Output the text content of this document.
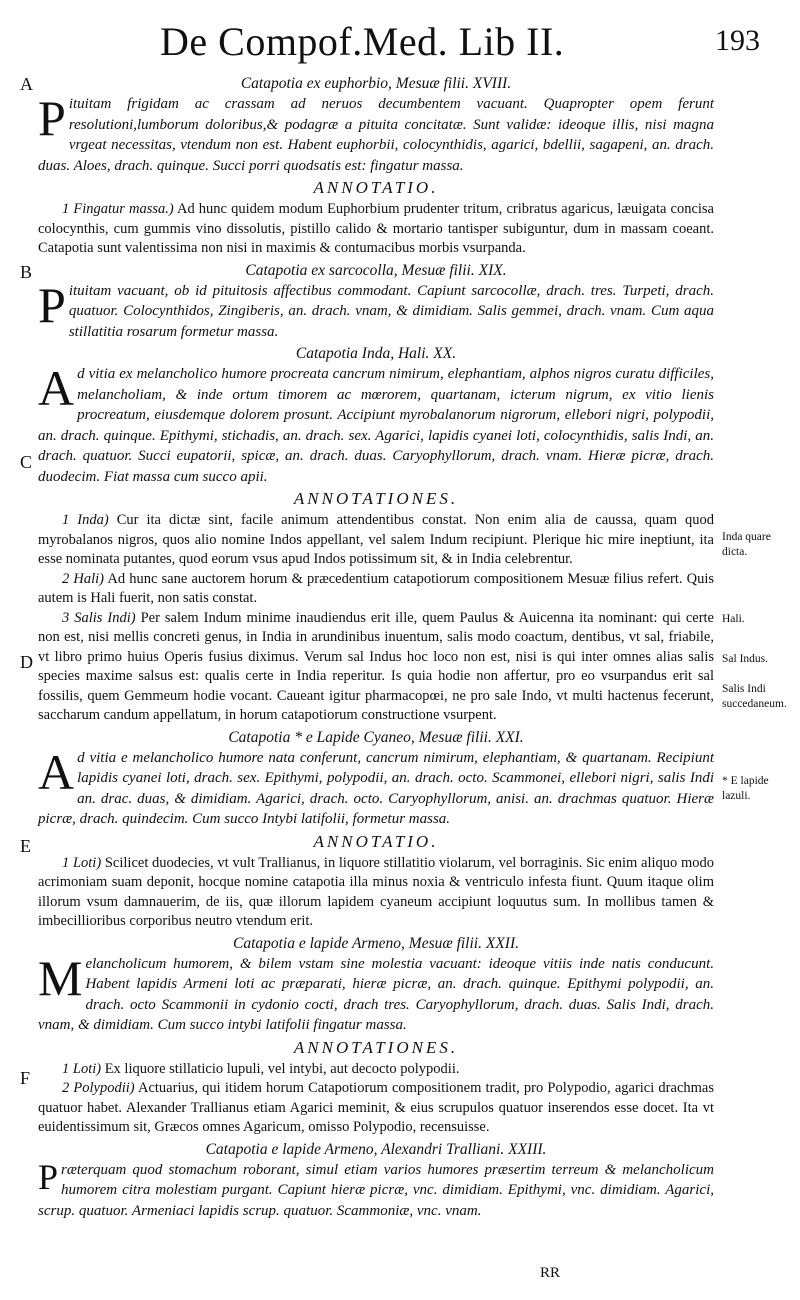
De Compof.Med. Lib II.	193
A
B
C
D
E
F
Catapotia ex euphorbio, Mesuæ filii. XVIII.

Pituitam frigidam ac crassam ad neruos decumbentem vacuant. Quapropter opem ferunt resolutioni,lumborum doloribus,& podagræ a pituita concitatæ. Sunt validæ: ideoque illis, nisi magna vrgeat necessitas, vtendum non est. Habent euphorbii, colocynthidis, agarici, bdellii, sagapeni, an. drach. duas. Aloes, drach. quinque. Succi porri quodsatis est: fingatur massa.

ANNOTATIO.

1 Fingatur massa.) Ad hunc quidem modum Euphorbium prudenter tritum, cribratus agaricus, læuigata concisa colocynthis, cum gummis vino dissolutis, pistillo calido & mortario tantisper subiguntur, dum in massam coeant. Catapotia sunt valentissima non nisi in maximis & contumacibus morbis vsurpanda.

Catapotia ex sarcocolla, Mesuæ filii. XIX.

Pituitam vacuant, ob id pituitosis affectibus commodant. Capiunt sarcocollæ, drach. tres. Turpeti, drach. quatuor. Colocynthidos, Zingiberis, an. drach. vnam, & dimidiam. Salis gemmei, drach. vnam. Cum aqua stillatitia rosarum formetur massa.

Catapotia Inda, Hali. XX.

Ad vitia ex melancholico humore procreata cancrum nimirum, elephantiam, alphos nigros curatu difficiles, melancholiam, & inde ortum timorem ac mœrorem, quartanam, icterum nigrum, ex vitio lienis procreatum, eiusdemque dolorem prosunt. Accipiunt myrobalanorum nigrorum, ellebori nigri, polypodii, an. drach. quinque. Epithymi, stichadis, an. drach. sex. Agarici, lapidis cyanei loti, colocynthidis, salis Indi, an. drach. quatuor. Succi eupatorii, spicæ, an. drach. duas. Caryophyllorum, drach. vnam. Hieræ picræ, drach. duodecim. Fiat massa cum succo apii.

ANNOTATIONES.

1 Inda) Cur ita dictæ sint, facile animum attendentibus constat. Non enim alia de caussa, quam quod myrobalanos nigros, quos alio nomine Indos appellant, vel salem Indum recipiunt. Plerique hic mire ineptiunt, ita esse nominata putantes, quod eorum vsus apud Indos potissimum sit, & in India celebrentur.

2 Hali) Ad hunc sane auctorem horum & præcedentium catapotiorum compositionem Mesuæ filius refert. Quis autem is Hali fuerit, non satis constat.

3 Salis Indi) Per salem Indum minime inaudiendus erit ille, quem Paulus & Auicenna ita nominant: qui certe non est, nisi mellis concreti genus, in India in arundinibus inuentum, salis modo coactum, dentibus, vt sal, friabile, vt libro primo huius Operis fusius diximus. Verum sal Indus hoc loco non est, nisi is qui inter omnes alias salis species maxime salsus est: qualis certe in India reperitur. Is quia hodie non affertur, pro eo vsurpandus erit sal fossilis, quem Gemmeum hodie vocant. Caueant igitur pharmacopœi, ne pro sale Indo, vt multi hactenus fecerunt, saccharum candum appellatum, in horum catapotiorum constructione vsurpent.

Catapotia * e Lapide Cyaneo, Mesuæ filii. XXI.

Ad vitia e melancholico humore nata conferunt, cancrum nimirum, elephantiam, & quartanam. Recipiunt lapidis cyanei loti, drach. sex. Epithymi, polypodii, an. drach. octo. Scammonei, ellebori nigri, salis Indi an. drac. duas, & dimidiam. Agarici, drach. octo. Caryophyllorum, anisi. an. drachmas quatuor. Hieræ picræ, drach. quindecim. Cum succo Intybi latifolii, formetur massa.

ANNOTATIO.

1 Loti) Scilicet duodecies, vt vult Trallianus, in liquore stillatitio violarum, vel borraginis. Sic enim aliquo modo acrimoniam suam deponit, hocque nomine catapotia illa minus noxia & ventriculo infesta fiunt. Quum itaque olim illorum vsum damnauerim, de iis, quæ illorum lapidem cyaneum accipiunt loquutus sum. In mollibus tamen & imbecillioribus corporibus neutro vtendum erit.

Catapotia e lapide Armeno, Mesuæ filii. XXII.

Melancholicum humorem, & bilem vstam sine molestia vacuant: ideoque vitiis inde natis conducunt. Habent lapidis Armeni loti ac præparati, hieræ picræ, an. drach. quinque. Epithymi polypodii, an. drach. octo Scammonii in cydonio cocti, drach tres. Caryophyllorum, drach. duas. Salis Indi, drach. vnam, & dimidiam. Cum succo intybi latifolii fingatur massa.

ANNOTATIONES.

1 Loti) Ex liquore stillaticio lupuli, vel intybi, aut decocto polypodii.

2 Polypodii) Actuarius, qui itidem horum Catapotiorum compositionem tradit, pro Polypodio, agarici drachmas quatuor habet. Alexander Trallianus etiam Agarici meminit, & eius scrupulos quatuor inserendos esse docet. Ita vt euidentissimum sit, Græcos omnes Agaricum, omisso Polypodio, recensuisse.

Catapotia e lapide Armeno, Alexandri Tralliani. XXIII.

Præterquam quod stomachum roborant, simul etiam varios humores præsertim terreum & melancholicum humorem citra molestiam purgant. Capiunt hieræ picræ, vnc. dimidiam. Epithymi, vnc. dimidiam. Agarici, scrup. quatuor. Armeniaci lapidis scrup. quatuor. Scammoniæ, vnc. vnam.

Inda quare dicta.
Hali.
Sal Indus.
Salis Indi succedaneum.
* E lapide lazuli.
RR
